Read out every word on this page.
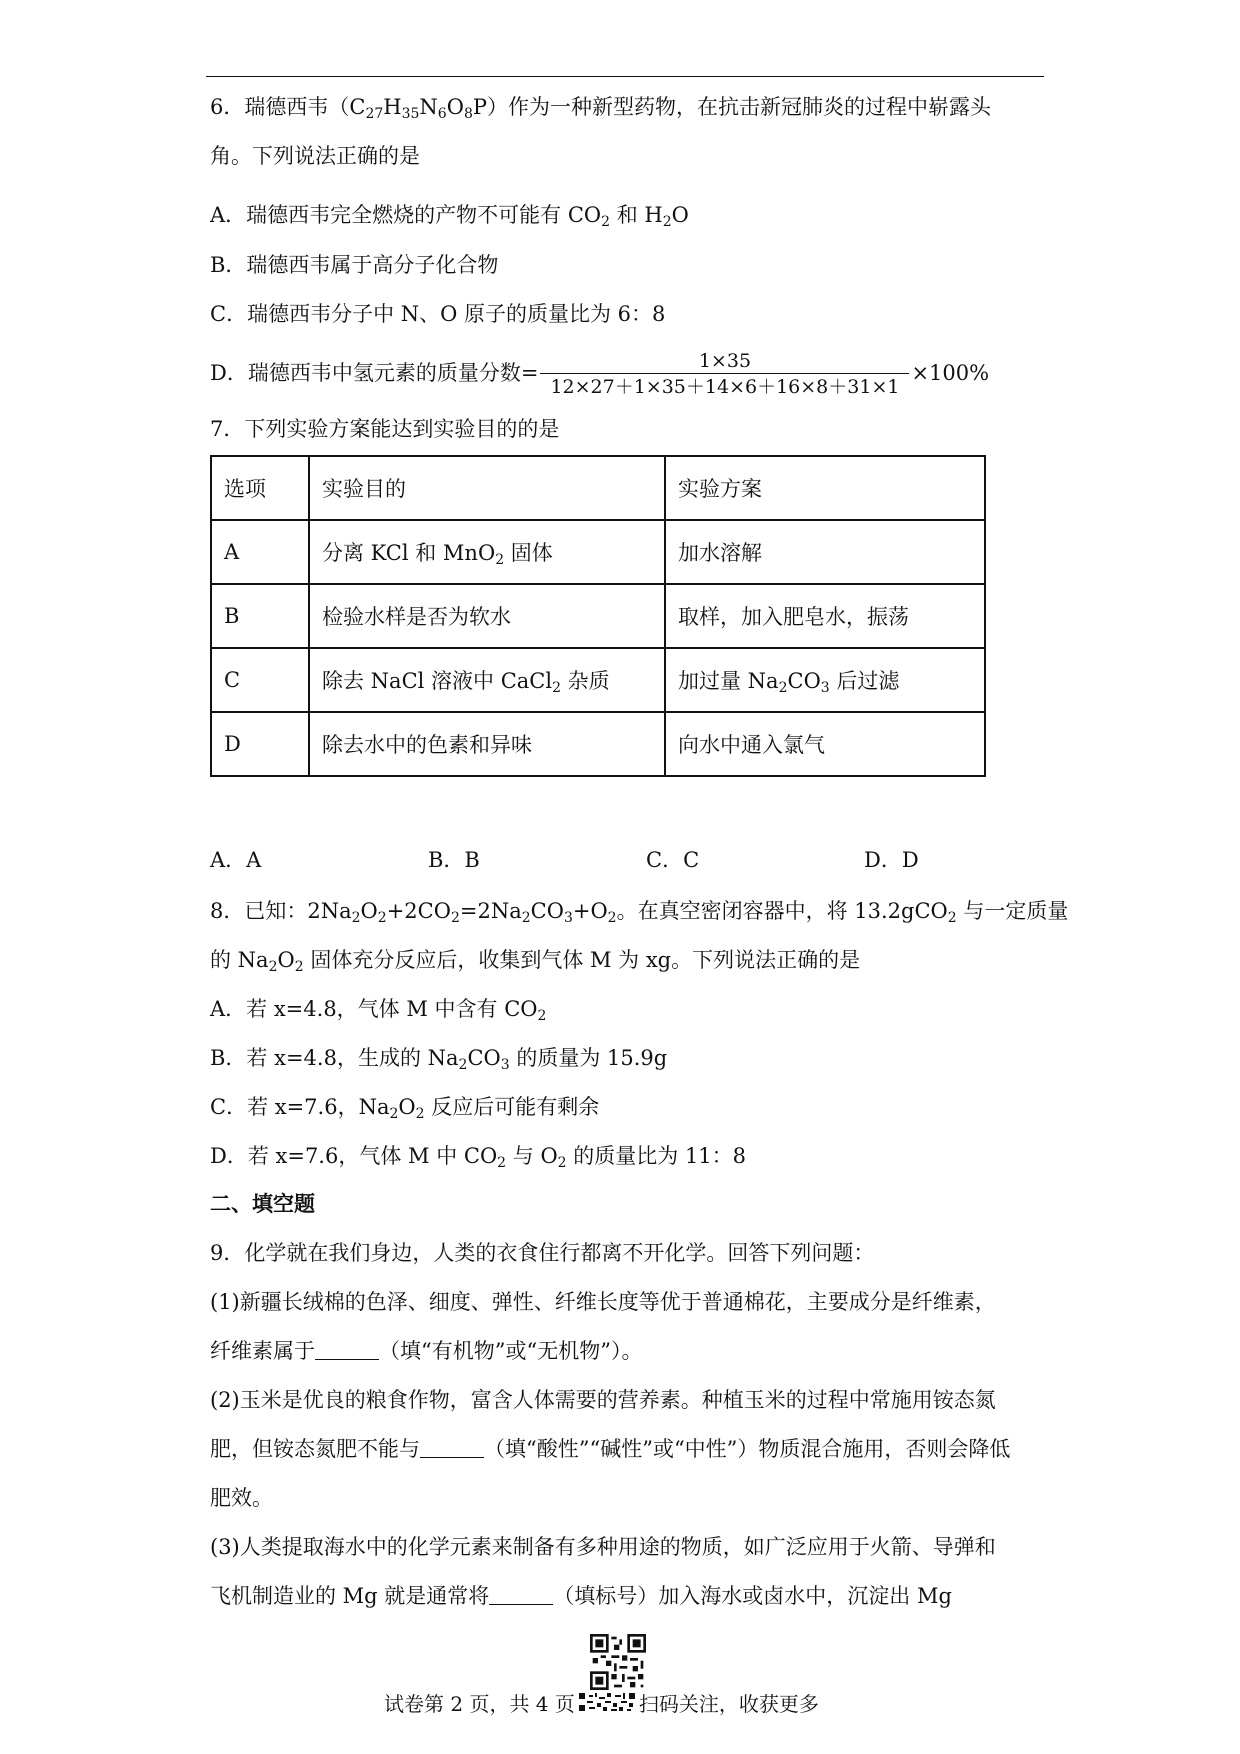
6．瑞德西韦$(C_{27}H_{35}N_6O_8P)$作为一种新型药物，在抗击新冠肺炎的过程中崭露头
角。下列说法正确的是
A．瑞德西韦完全燃烧的产物不可能有 $CO_2$ 和 $H_2O$
B．瑞德西韦属于高分子化合物
C．瑞德西韦分子中 N、O 原子的质量比为 6：8
D．瑞德西韦中氢元素的质量分数= $\frac{1\times 35}{12\times 27+1\times 35+14\times 6+16\times 8+31\times 1} \times 100\%$
7．下列实验方案能达到实验目的的是
选项	实验目的	实验方案
A	分离 KCl 和 MnO$_2$ 固体	加水溶解
B	检验水样是否为软水	取样，加入肥皂水，振荡
C	除去 NaCl 溶液中 CaCl$_2$ 杂质	加过量 $Na_2CO_3$ 后过滤
D	除去水中的色素和异味	向水中通入氯气
A．A	B．B	C．C	D．D
8．已知：$2Na_2O_2+2CO_2=2Na_2CO_3+O_2$。在真空密闭容器中，将 13.2gCO$_2$ 与一定质量
的 $Na_2O_2$ 固体充分反应后，收集到气体 M 为 xg。下列说法正确的是
A．若 x=4.8，气体 M 中含有 $CO_2$
B．若 x=4.8，生成的 $Na_2CO_3$ 的质量为 15.9g
C．若 x=7.6，$Na_2O_2$ 反应后可能有剩余
D．若 x=7.6，气体 M 中 $CO_2$ 与 $O_2$ 的质量比为 11：8
二、填空题
9．化学就在我们身边，人类的衣食住行都离不开化学。回答下列问题：
(1)新疆长绒棉的色泽、细度、弹性、纤维长度等优于普通棉花，主要成分是纤维素，
纤维素属于	（填“有机物”或“无机物”）。
(2)玉米是优良的粮食作物，富含人体需要的营养素。种植玉米的过程中常施用铵态氮
肥，但铵态氮肥不能与	（填“酸性”“碱性”或“中性”）物质混合施用，否则会降低
肥效。
(3)人类提取海水中的化学元素来制备有多种用途的物质，如广泛应用于火箭、导弹和
飞机制造业的 Mg 就是通常将	（填标号）加入海水或卤水中，沉淀出 Mg
试卷第 2 页，共 4 页	扫码关注，收获更多
